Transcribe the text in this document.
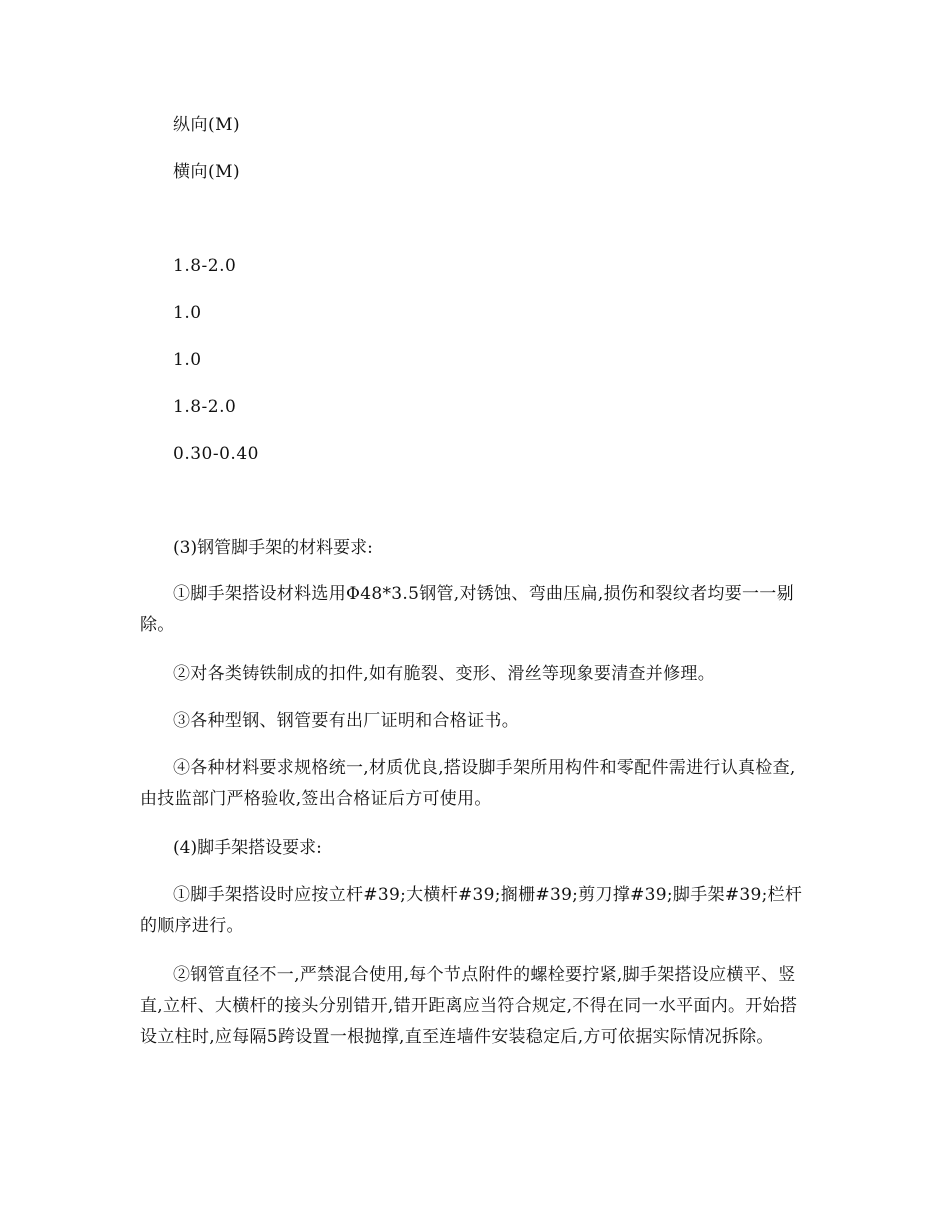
纵向(M)
横向(M)
1.8-2.0
1.0
1.0
1.8-2.0
0.30-0.40

(3)钢管脚手架的材料要求:

①脚手架搭设材料选用Φ48*3.5钢管,对锈蚀、弯曲压扁,损伤和裂纹者均要一一剔除。

②对各类铸铁制成的扣件,如有脆裂、变形、滑丝等现象要清查并修理。

③各种型钢、钢管要有出厂证明和合格证书。

④各种材料要求规格统一,材质优良,搭设脚手架所用构件和零配件需进行认真检查,由技监部门严格验收,签出合格证后方可使用。

(4)脚手架搭设要求:

①脚手架搭设时应按立杆#39;大横杆#39;搁栅#39;剪刀撑#39;脚手架#39;栏杆的顺序进行。

②钢管直径不一,严禁混合使用,每个节点附件的螺栓要拧紧,脚手架搭设应横平、竖直,立杆、大横杆的接头分别错开,错开距离应当符合规定,不得在同一水平面内。开始搭设立柱时,应每隔5跨设置一根抛撑,直至连墙件安装稳定后,方可依据实际情况拆除。
